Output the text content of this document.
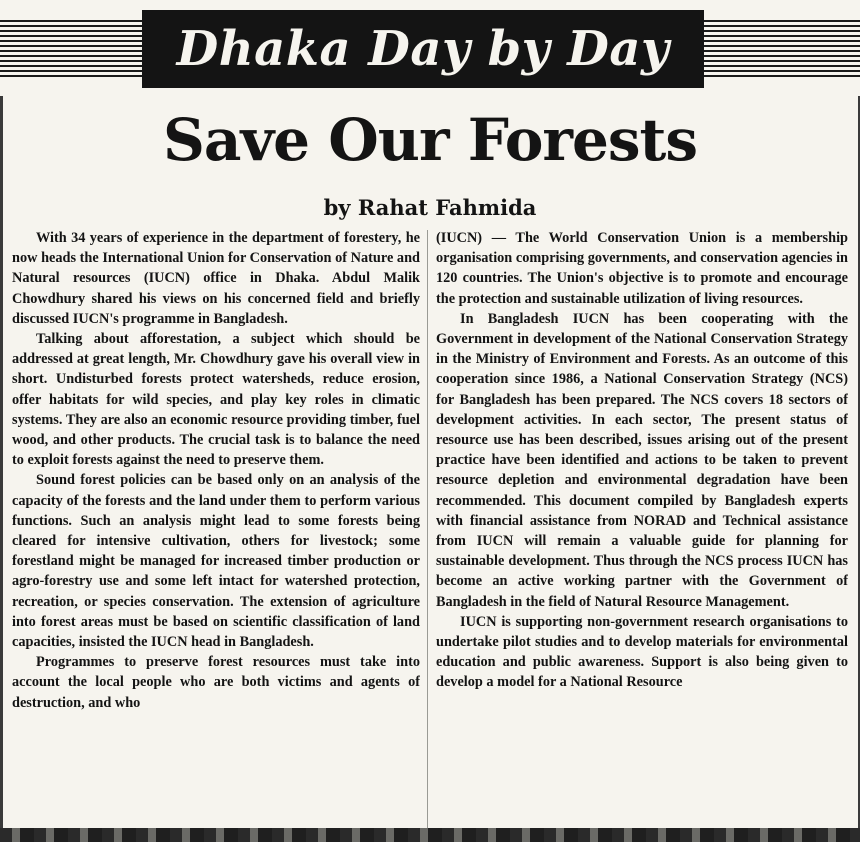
Dhaka Day by Day
Save Our Forests
by Rahat Fahmida

With 34 years of experience in the department of forestery, he now heads the International Union for Conservation of Nature and Natural resources (IUCN) office in Dhaka. Abdul Malik Chowdhury shared his views on his concerned field and briefly discussed IUCN's programme in Bangladesh.

Talking about afforestation, a subject which should be addressed at great length, Mr. Chowdhury gave his overall view in short. Undisturbed forests protect watersheds, reduce erosion, offer habitats for wild species, and play key roles in climatic systems. They are also an economic resource providing timber, fuel wood, and other products. The crucial task is to balance the need to exploit forests against the need to preserve them.

Sound forest policies can be based only on an analysis of the capacity of the forests and the land under them to perform various functions. Such an analysis might lead to some forests being cleared for intensive cultivation, others for livestock; some forestland might be managed for increased timber production or agro-forestry use and some left intact for watershed protection, recreation, or species conservation. The extension of agriculture into forest areas must be based on scientific classification of land capacities, insisted the IUCN head in Bangladesh.

Programmes to preserve forest resources must take into account the local people who are both victims and agents of destruction, and who

(IUCN) — The World Conservation Union is a membership organisation comprising governments, and conservation agencies in 120 countries. The Union's objective is to promote and encourage the protection and sustainable utilization of living resources.

In Bangladesh IUCN has been cooperating with the Government in development of the National Conservation Strategy in the Ministry of Environment and Forests. As an outcome of this cooperation since 1986, a National Conservation Strategy (NCS) for Bangladesh has been prepared. The NCS covers 18 sectors of development activities. In each sector, The present status of resource use has been described, issues arising out of the present practice have been identified and actions to be taken to prevent resource depletion and environmental degradation have been recommended. This document compiled by Bangladesh experts with financial assistance from NORAD and Technical assistance from IUCN will remain a valuable guide for planning for sustainable development. Thus through the NCS process IUCN has become an active working partner with the Government of Bangladesh in the field of Natural Resource Management.

IUCN is supporting non-government research organisations to undertake pilot studies and to develop materials for environmental education and public awareness. Support is also being given to develop a model for a National Resource
